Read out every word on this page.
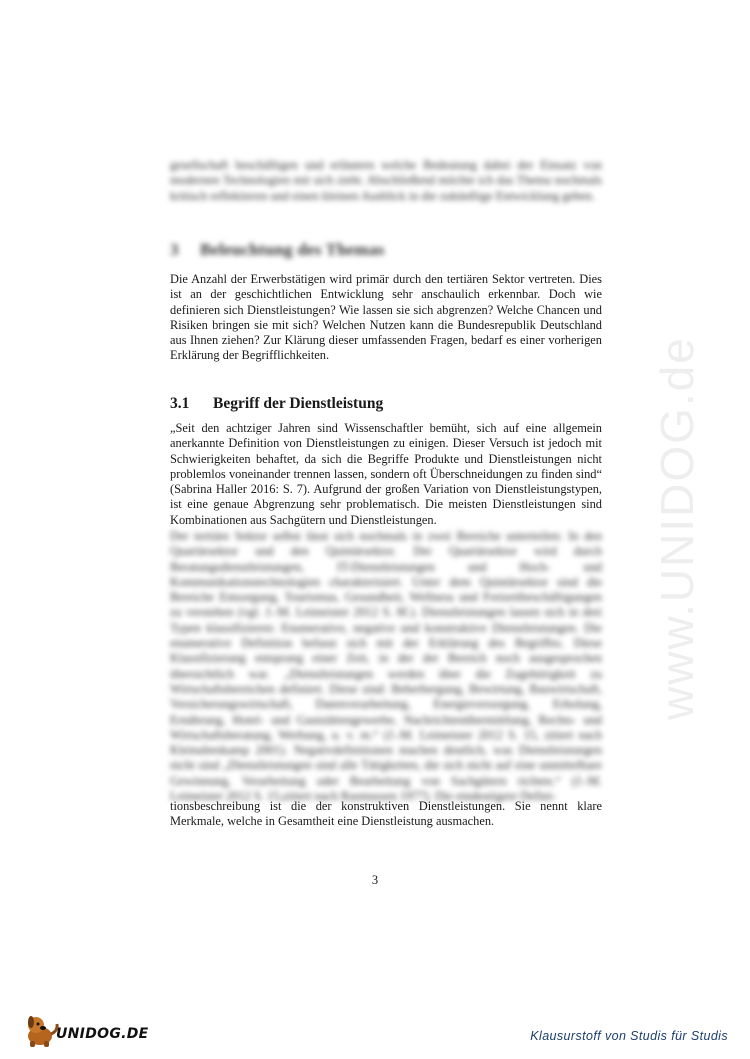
www.UNIDOG.de

gesellschaft beschäftigen und erläutern welche Bedeutung dabei der Einsatz von modernen Technologien mit sich zieht. Abschließend möchte ich das Thema nochmals kritisch reflektieren und einen kleinen Ausblick in die zukünftige Entwicklung geben.

3 Beleuchtung des Themas

Die Anzahl der Erwerbstätigen wird primär durch den tertiären Sektor vertreten. Dies ist an der geschichtlichen Entwicklung sehr anschaulich erkennbar. Doch wie definieren sich Dienstleistungen? Wie lassen sie sich abgrenzen? Welche Chancen und Risiken bringen sie mit sich? Welchen Nutzen kann die Bundesrepublik Deutschland aus Ihnen ziehen? Zur Klärung dieser umfassenden Fragen, bedarf es einer vorherigen Erklärung der Begrifflichkeiten.

3.1 Begriff der Dienstleistung

„Seit den achtziger Jahren sind Wissenschaftler bemüht, sich auf eine allgemein anerkannte Definition von Dienstleistungen zu einigen. Dieser Versuch ist jedoch mit Schwierigkeiten behaftet, da sich die Begriffe Produkte und Dienstleistungen nicht problemlos voneinander trennen lassen, sondern oft Überschneidungen zu finden sind“ (Sabrina Haller 2016: S. 7). Aufgrund der großen Variation von Dienstleistungstypen, ist eine genaue Abgrenzung sehr problematisch. Die meisten Dienstleistungen sind Kombinationen aus Sachgütern und Dienstleistungen.

Der tertiäre Sektor selbst lässt sich nochmals in zwei Bereiche unterteilen: In den Quartärsektor und den Quintärsektor. Der Quartärsektor wird durch Beratungsdienstleistungen, IT-Dienstleistungen und Hoch- und Kommunikationstechnologien charakterisiert. Unter dem Quintärsektor sind die Bereiche Entsorgung, Tourismus, Gesundheit, Wellness und Freizeitbeschäftigungen zu verstehen (vgl. J.-M. Leimeister 2012 S. 8f.). Dienstleistungen lassen sich in drei Typen klassifizieren: Enumerative, negative und konstruktive Dienstleistungen. Die enumerative Definition befasst sich mit der Erklärung des Begriffes. Diese Klassifizierung entsprang einer Zeit, in der der Bereich noch ausgesprochen übersichtlich war. „Dienstleistungen werden über die Zugehörigkeit zu Wirtschaftsbereichen definiert. Diese sind: Beherbergung, Bewirtung, Bauwirtschaft, Versicherungswirtschaft, Datenverarbeitung, Energieversorgung, Erholung, Ernährung, Hotel- und Gaststättengewerbe, Nachrichtenübermittlung, Rechts- und Wirtschaftsberatung, Werbung, u. v. m.“ (J.-M. Leimeister 2012 S. 15, zitiert nach Kleinaltenkamp 2001). Negativdefinitionen machen deutlich, was Dienstleistungen nicht sind „Dienstleistungen sind alle Tätigkeiten, die sich nicht auf eine unmittelbare Gewinnung, Verarbeitung oder Bearbeitung von Sachgütern richten.“ (J.-M. Leimeister 2012 S. 15,zitiert nach Rasmussen 1977). Die eindeutigere Defini-

tionsbeschreibung ist die der konstruktiven Dienstleistungen. Sie nennt klare Merkmale, welche in Gesamtheit eine Dienstleistung ausmachen.

3
UNIDOG.DE	Klausurstoff von Studis für Studis
